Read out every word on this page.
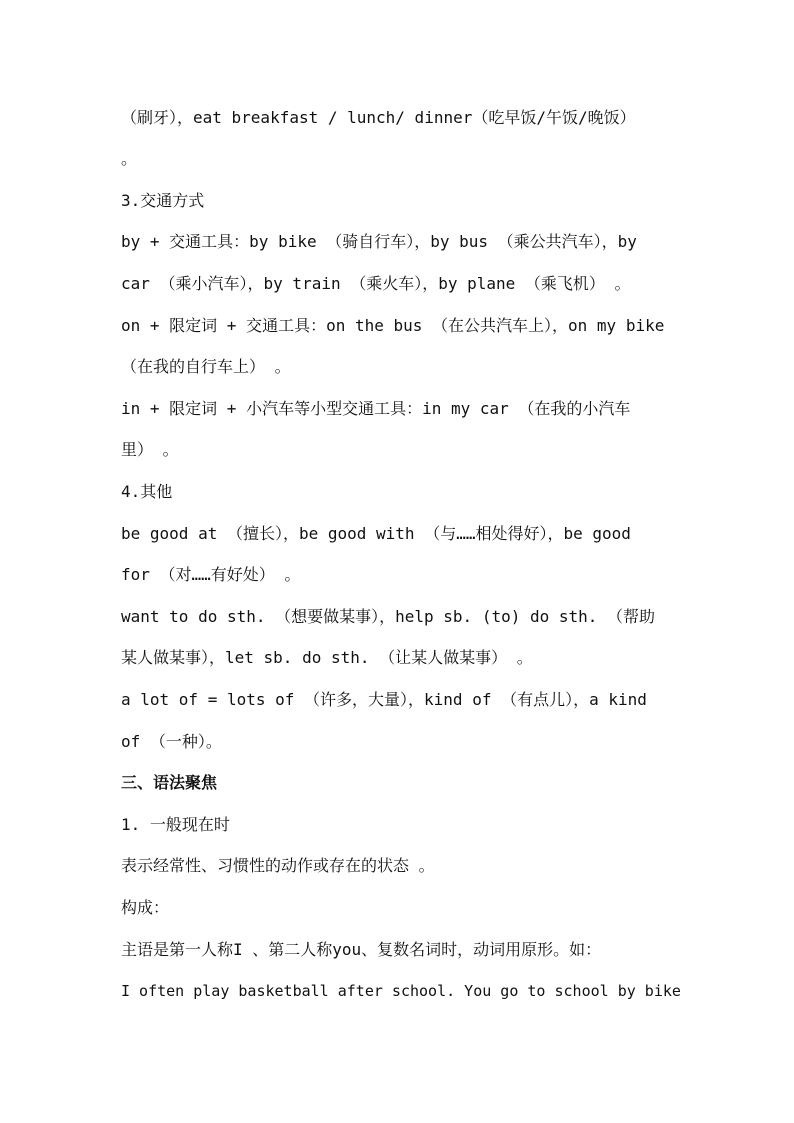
（刷牙），eat breakfast / lunch/ dinner（吃早饭/午饭/晚饭）
。
3.交通方式
by + 交通工具：by bike （骑自行车），by bus （乘公共汽车），by
car （乘小汽车），by train （乘火车），by plane （乘飞机） 。
on + 限定词 + 交通工具：on the bus （在公共汽车上），on my bike
（在我的自行车上） 。
in + 限定词 + 小汽车等小型交通工具：in my car （在我的小汽车
里） 。
4.其他
be good at （擅长），be good with （与……相处得好），be good
for （对……有好处） 。
want to do sth. （想要做某事），help sb. (to) do sth. （帮助
某人做某事），let sb. do sth. （让某人做某事） 。
a lot of = lots of （许多，大量），kind of （有点儿），a kind
of （一种）。
三、语法聚焦
1. 一般现在时
表示经常性、习惯性的动作或存在的状态 。
构成：
主语是第一人称I 、第二人称you、复数名词时，动词用原形。如：
I often play basketball after school. You go to school by bike
